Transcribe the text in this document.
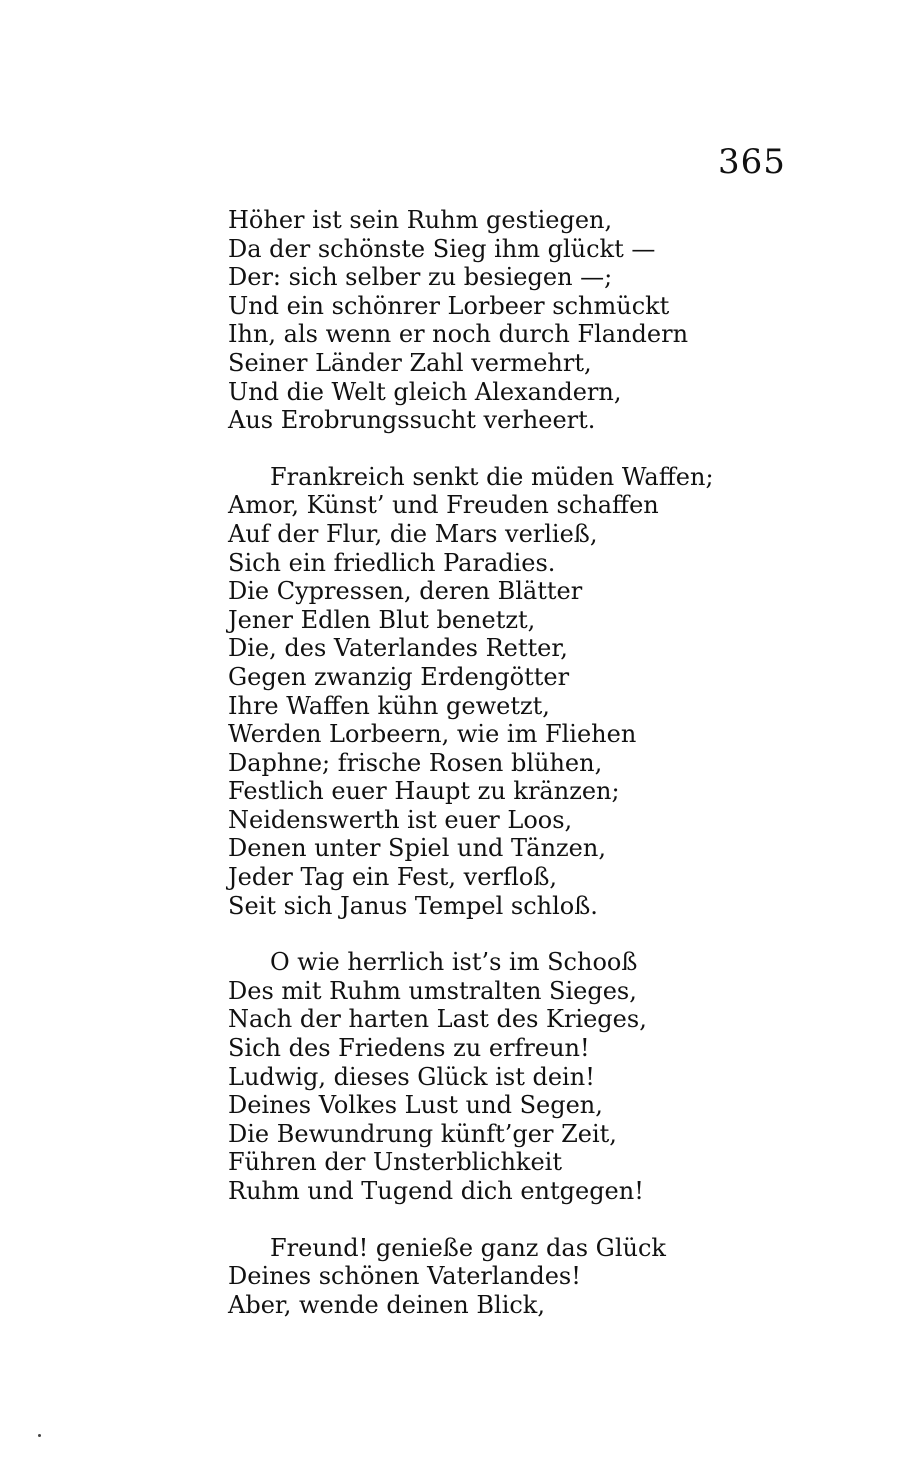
365
Höher ist sein Ruhm gestiegen,
Da der schönste Sieg ihm glückt —
Der: sich selber zu besiegen —;
Und ein schönrer Lorbeer schmückt
Ihn, als wenn er noch durch Flandern
Seiner Länder Zahl vermehrt,
Und die Welt gleich Alexandern,
Aus Erobrungssucht verheert.
Frankreich senkt die müden Waffen;
Amor, Künst’ und Freuden schaffen
Auf der Flur, die Mars verließ,
Sich ein friedlich Paradies.
Die Cypressen, deren Blätter
Jener Edlen Blut benetzt,
Die, des Vaterlandes Retter,
Gegen zwanzig Erdengötter
Ihre Waffen kühn gewetzt,
Werden Lorbeern, wie im Fliehen
Daphne; frische Rosen blühen,
Festlich euer Haupt zu kränzen;
Neidenswerth ist euer Loos,
Denen unter Spiel und Tänzen,
Jeder Tag ein Fest, verfloß,
Seit sich Janus Tempel schloß.
O wie herrlich ist’s im Schooß
Des mit Ruhm umstralten Sieges,
Nach der harten Last des Krieges,
Sich des Friedens zu erfreun!
Ludwig, dieses Glück ist dein!
Deines Volkes Lust und Segen,
Die Bewundrung künft’ger Zeit,
Führen der Unsterblichkeit
Ruhm und Tugend dich entgegen!
Freund! genieße ganz das Glück
Deines schönen Vaterlandes!
Aber, wende deinen Blick,
